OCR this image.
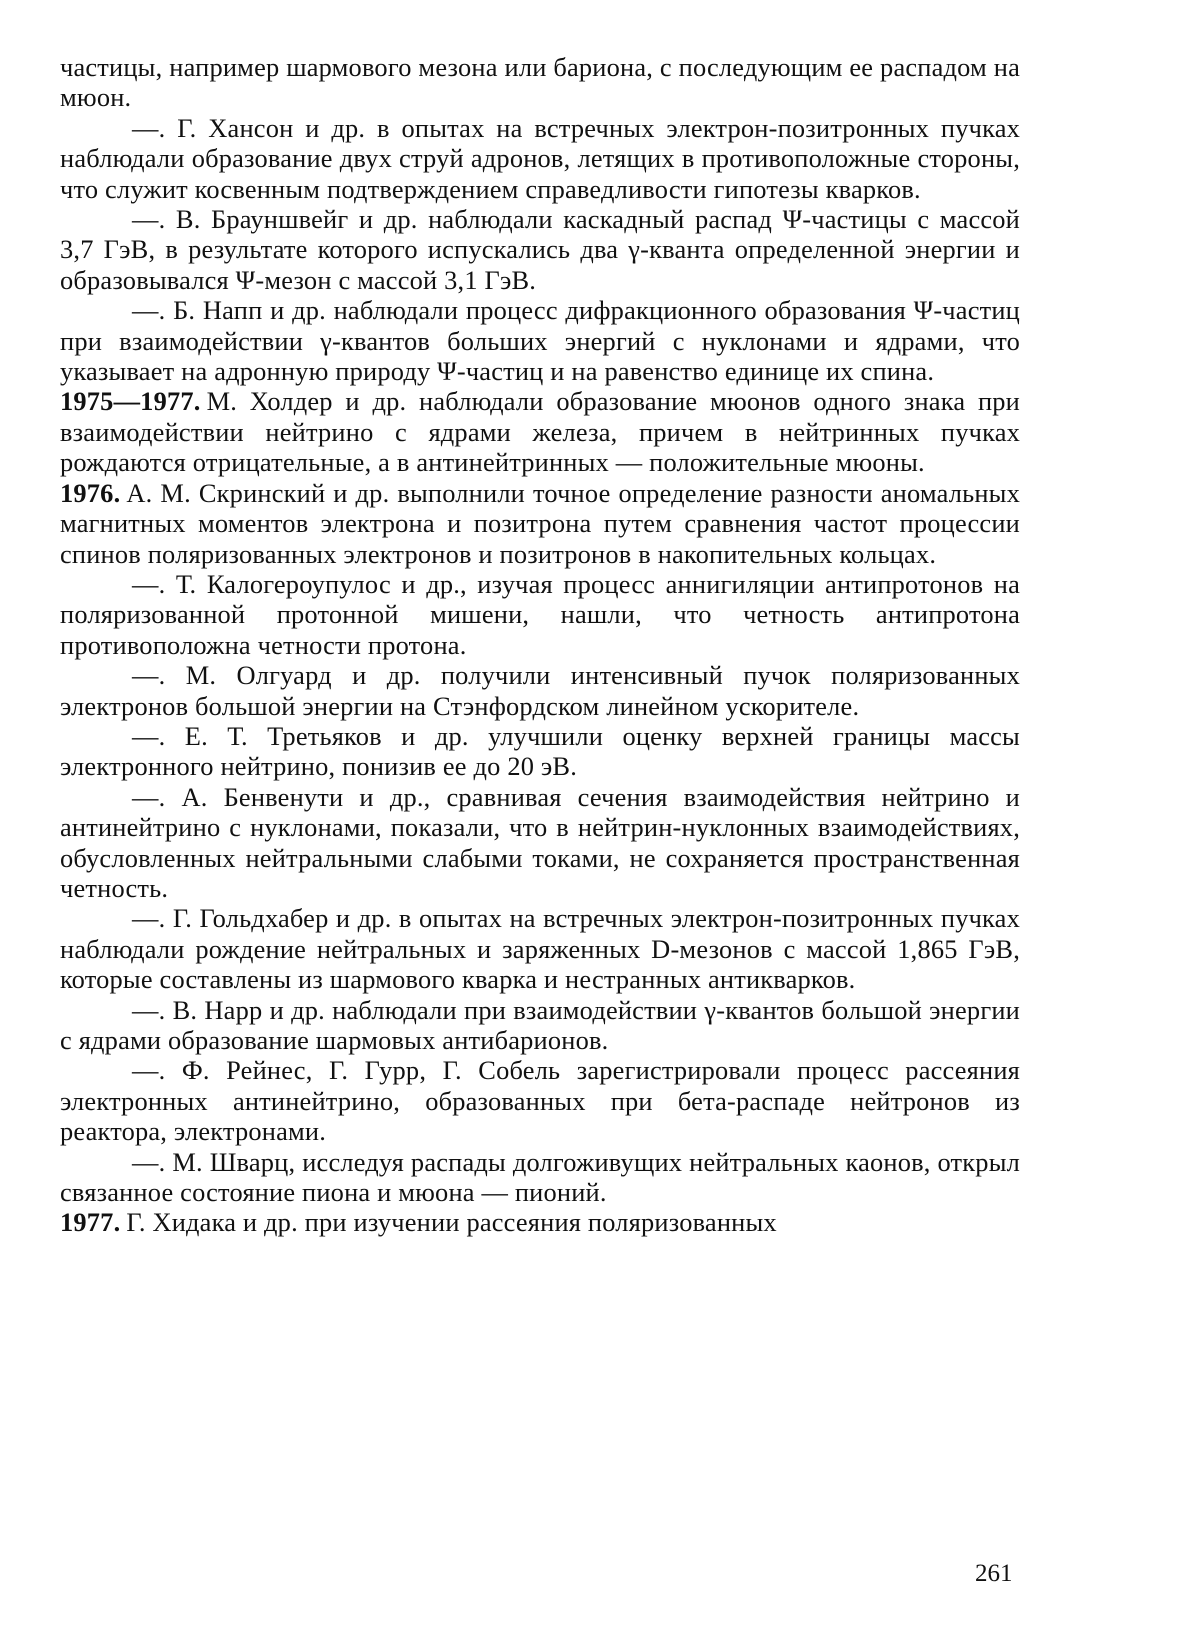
частицы, например шармового мезона или бариона, с последующим ее распадом на мюон.

—. Г. Хансон и др. в опытах на встречных электрон-позитронных пучках наблюдали образование двух струй адронов, летящих в противоположные стороны, что служит косвенным подтверждением справедливости гипотезы кварков.

—. В. Брауншвейг и др. наблюдали каскадный распад Ψ-частицы с массой 3,7 ГэВ, в результате которого испускались два γ-кванта определенной энергии и образовывался Ψ-мезон с массой 3,1 ГэВ.

—. Б. Напп и др. наблюдали процесс дифракционного образования Ψ-частиц при взаимодействии γ-квантов больших энергий с нуклонами и ядрами, что указывает на адронную природу Ψ-частиц и на равенство единице их спина.

1975—1977. М. Холдер и др. наблюдали образование мюонов одного знака при взаимодействии нейтрино с ядрами железа, причем в нейтринных пучках рождаются отрицательные, а в антинейтринных — положительные мюоны.

1976. А. М. Скринский и др. выполнили точное определение разности аномальных магнитных моментов электрона и позитрона путем сравнения частот процессии спинов поляризованных электронов и позитронов в накопительных кольцах.

—. Т. Калогероупулос и др., изучая процесс аннигиляции антипротонов на поляризованной протонной мишени, нашли, что четность антипротона противоположна четности протона.

—. М. Олгуард и др. получили интенсивный пучок поляризованных электронов большой энергии на Стэнфордском линейном ускорителе.

—. Е. Т. Третьяков и др. улучшили оценку верхней границы массы электронного нейтрино, понизив ее до 20 эВ.

—. А. Бенвенути и др., сравнивая сечения взаимодействия нейтрино и антинейтрино с нуклонами, показали, что в нейтрин-нуклонных взаимодействиях, обусловленных нейтральными слабыми токами, не сохраняется пространственная четность.

—. Г. Гольдхабер и др. в опытах на встречных электрон-позитронных пучках наблюдали рождение нейтральных и заряженных D-мезонов с массой 1,865 ГэВ, которые составлены из шармового кварка и нестранных антикварков.

—. В. Нарр и др. наблюдали при взаимодействии γ-квантов большой энергии с ядрами образование шармовых антибарионов.

—. Ф. Рейнес, Г. Гурр, Г. Собель зарегистрировали процесс рассеяния электронных антинейтрино, образованных при бета-распаде нейтронов из реактора, электронами.

—. М. Шварц, исследуя распады долгоживущих нейтральных каонов, открыл связанное состояние пиона и мюона — пионий.

1977. Г. Хидака и др. при изучении рассеяния поляризованных

261
